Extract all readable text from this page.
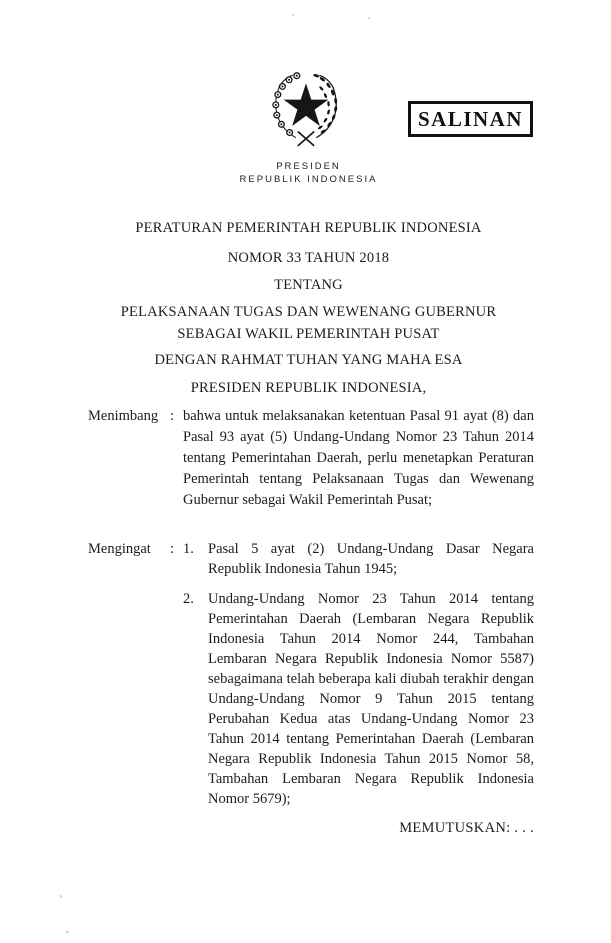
SALINAN
PRESIDEN
REPUBLIK INDONESIA
PERATURAN PEMERINTAH REPUBLIK INDONESIA
NOMOR 33 TAHUN 2018
TENTANG
PELAKSANAAN TUGAS DAN WEWENANG GUBERNUR
SEBAGAI WAKIL PEMERINTAH PUSAT
DENGAN RAHMAT TUHAN YANG MAHA ESA
PRESIDEN REPUBLIK INDONESIA,
Menimbang : bahwa untuk melaksanakan ketentuan Pasal 91 ayat (8) dan Pasal 93 ayat (5) Undang-Undang Nomor 23 Tahun 2014 tentang Pemerintahan Daerah, perlu menetapkan Peraturan Pemerintah tentang Pelaksanaan Tugas dan Wewenang Gubernur sebagai Wakil Pemerintah Pusat;
Mengingat	: 1. Pasal 5 ayat (2) Undang-Undang Dasar Negara Republik Indonesia Tahun 1945;
2. Undang-Undang Nomor 23 Tahun 2014 tentang Pemerintahan Daerah (Lembaran Negara Republik Indonesia Tahun 2014 Nomor 244, Tambahan Lembaran Negara Republik Indonesia Nomor 5587) sebagaimana telah beberapa kali diubah terakhir dengan Undang-Undang Nomor 9 Tahun 2015 tentang Perubahan Kedua atas Undang-Undang Nomor 23 Tahun 2014 tentang Pemerintahan Daerah (Lembaran Negara Republik Indonesia Tahun 2015 Nomor 58, Tambahan Lembaran Negara Republik Indonesia Nomor 5679);
MEMUTUSKAN: . . .
